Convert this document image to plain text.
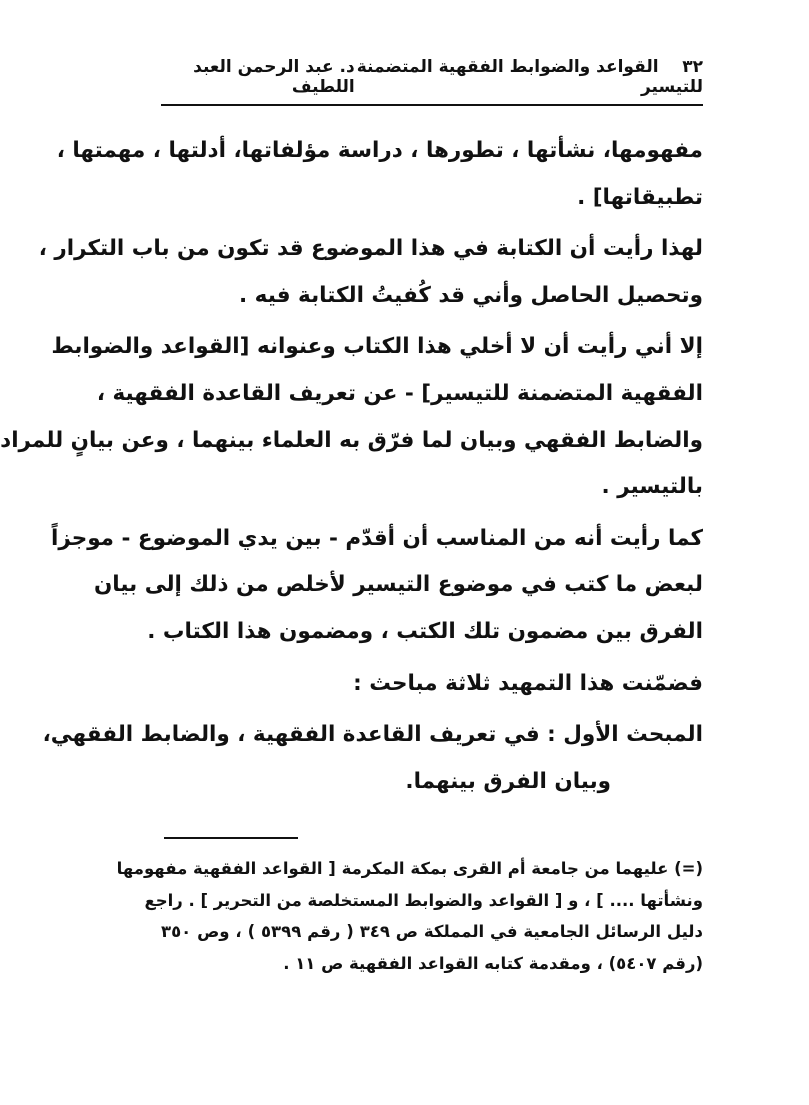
٣٢    القواعد والضوابط الفقهية المتضمنة للتيسير
د. عبد الرحمن العبد اللطيف
مفهومها، نشأتها ، تطورها ، دراسة مؤلفاتها، أدلتها ، مهمتها ،
تطبيقاتها] .
لهذا رأيت أن الكتابة في هذا الموضوع قد تكون من باب التكرار ،
وتحصيل الحاصل وأني قد كُفيتُ الكتابة فيه .
إلا أني رأيت أن لا أخلي هذا الكتاب وعنوانه [القواعد والضوابط
الفقهية المتضمنة للتيسير] - عن تعريف القاعدة الفقهية ،
والضابط الفقهي وبيان لما فرّق به العلماء بينهما ، وعن بيانٍ للمراد
بالتيسير .
كما رأيت أنه من المناسب أن أقدّم - بين يدي الموضوع - موجزاً
لبعض ما كتب في موضوع التيسير لأخلص من ذلك إلى بيان
الفرق بين مضمون تلك الكتب ، ومضمون هذا الكتاب .
فضمّنت هذا التمهيد ثلاثة مباحث :
المبحث الأول : في تعريف القاعدة الفقهية ، والضابط الفقهي،
وبيان الفرق بينهما.
(=) عليهما من جامعة أم القرى بمكة المكرمة [ القواعد الفقهية مفهومها
ونشأتها .... ] ، و [ القواعد والضوابط المستخلصة من التحرير ] . راجع
دليل الرسائل الجامعية في المملكة ص ٣٤٩ ( رقم ٥٣٩٩ ) ، وص ٣٥٠
(رقم ٥٤٠٧) ، ومقدمة كتابه القواعد الفقهية ص ١١ .
